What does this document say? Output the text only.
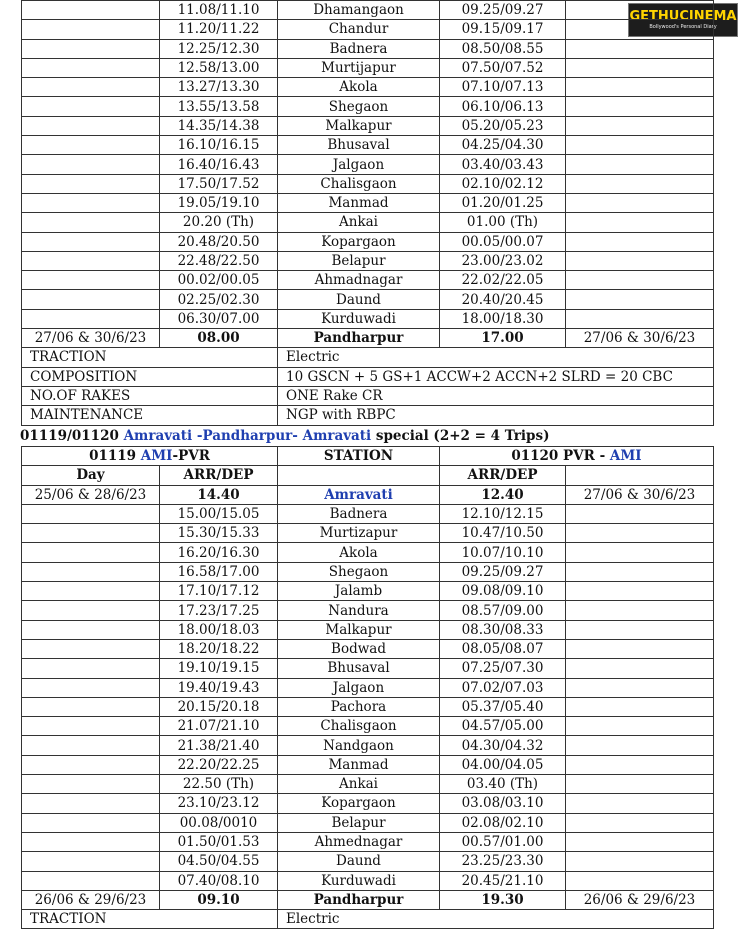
GETHUCINEMA
Bollywood's Personal Diary
	11.08/11.10	Dhamangaon	09.25/09.27	
	11.20/11.22	Chandur	09.15/09.17	
	12.25/12.30	Badnera	08.50/08.55	
	12.58/13.00	Murtijapur	07.50/07.52	
	13.27/13.30	Akola	07.10/07.13	
	13.55/13.58	Shegaon	06.10/06.13	
	14.35/14.38	Malkapur	05.20/05.23	
	16.10/16.15	Bhusaval	04.25/04.30	
	16.40/16.43	Jalgaon	03.40/03.43	
	17.50/17.52	Chalisgaon	02.10/02.12	
	19.05/19.10	Manmad	01.20/01.25	
	20.20 (Th)	Ankai	01.00 (Th)	
	20.48/20.50	Kopargaon	00.05/00.07	
	22.48/22.50	Belapur	23.00/23.02	
	00.02/00.05	Ahmadnagar	22.02/22.05	
	02.25/02.30	Daund	20.40/20.45	
	06.30/07.00	Kurduwadi	18.00/18.30	
27/06 & 30/6/23	08.00	Pandharpur	17.00	27/06 & 30/6/23
TRACTION		Electric		
COMPOSITION		10 GSCN + 5 GS+1 ACCW+2 ACCN+2 SLRD = 20 CBC		
NO.OF RAKES		ONE Rake CR		
MAINTENANCE		NGP with RBPC		
01119/01120 Amravati -Pandharpur- Amravati special (2+2 = 4 Trips)
01119 AMI-PVR		STATION	01120 PVR - AMI	
Day	ARR/DEP		ARR/DEP	
25/06 & 28/6/23	14.40	Amravati	12.40	27/06 & 30/6/23
	15.00/15.05	Badnera	12.10/12.15	
	15.30/15.33	Murtizapur	10.47/10.50	
	16.20/16.30	Akola	10.07/10.10	
	16.58/17.00	Shegaon	09.25/09.27	
	17.10/17.12	Jalamb	09.08/09.10	
	17.23/17.25	Nandura	08.57/09.00	
	18.00/18.03	Malkapur	08.30/08.33	
	18.20/18.22	Bodwad	08.05/08.07	
	19.10/19.15	Bhusaval	07.25/07.30	
	19.40/19.43	Jalgaon	07.02/07.03	
	20.15/20.18	Pachora	05.37/05.40	
	21.07/21.10	Chalisgaon	04.57/05.00	
	21.38/21.40	Nandgaon	04.30/04.32	
	22.20/22.25	Manmad	04.00/04.05	
	22.50 (Th)	Ankai	03.40 (Th)	
	23.10/23.12	Kopargaon	03.08/03.10	
	00.08/0010	Belapur	02.08/02.10	
	01.50/01.53	Ahmednagar	00.57/01.00	
	04.50/04.55	Daund	23.25/23.30	
	07.40/08.10	Kurduwadi	20.45/21.10	
26/06 & 29/6/23	09.10	Pandharpur	19.30	26/06 & 29/6/23
TRACTION		Electric		
